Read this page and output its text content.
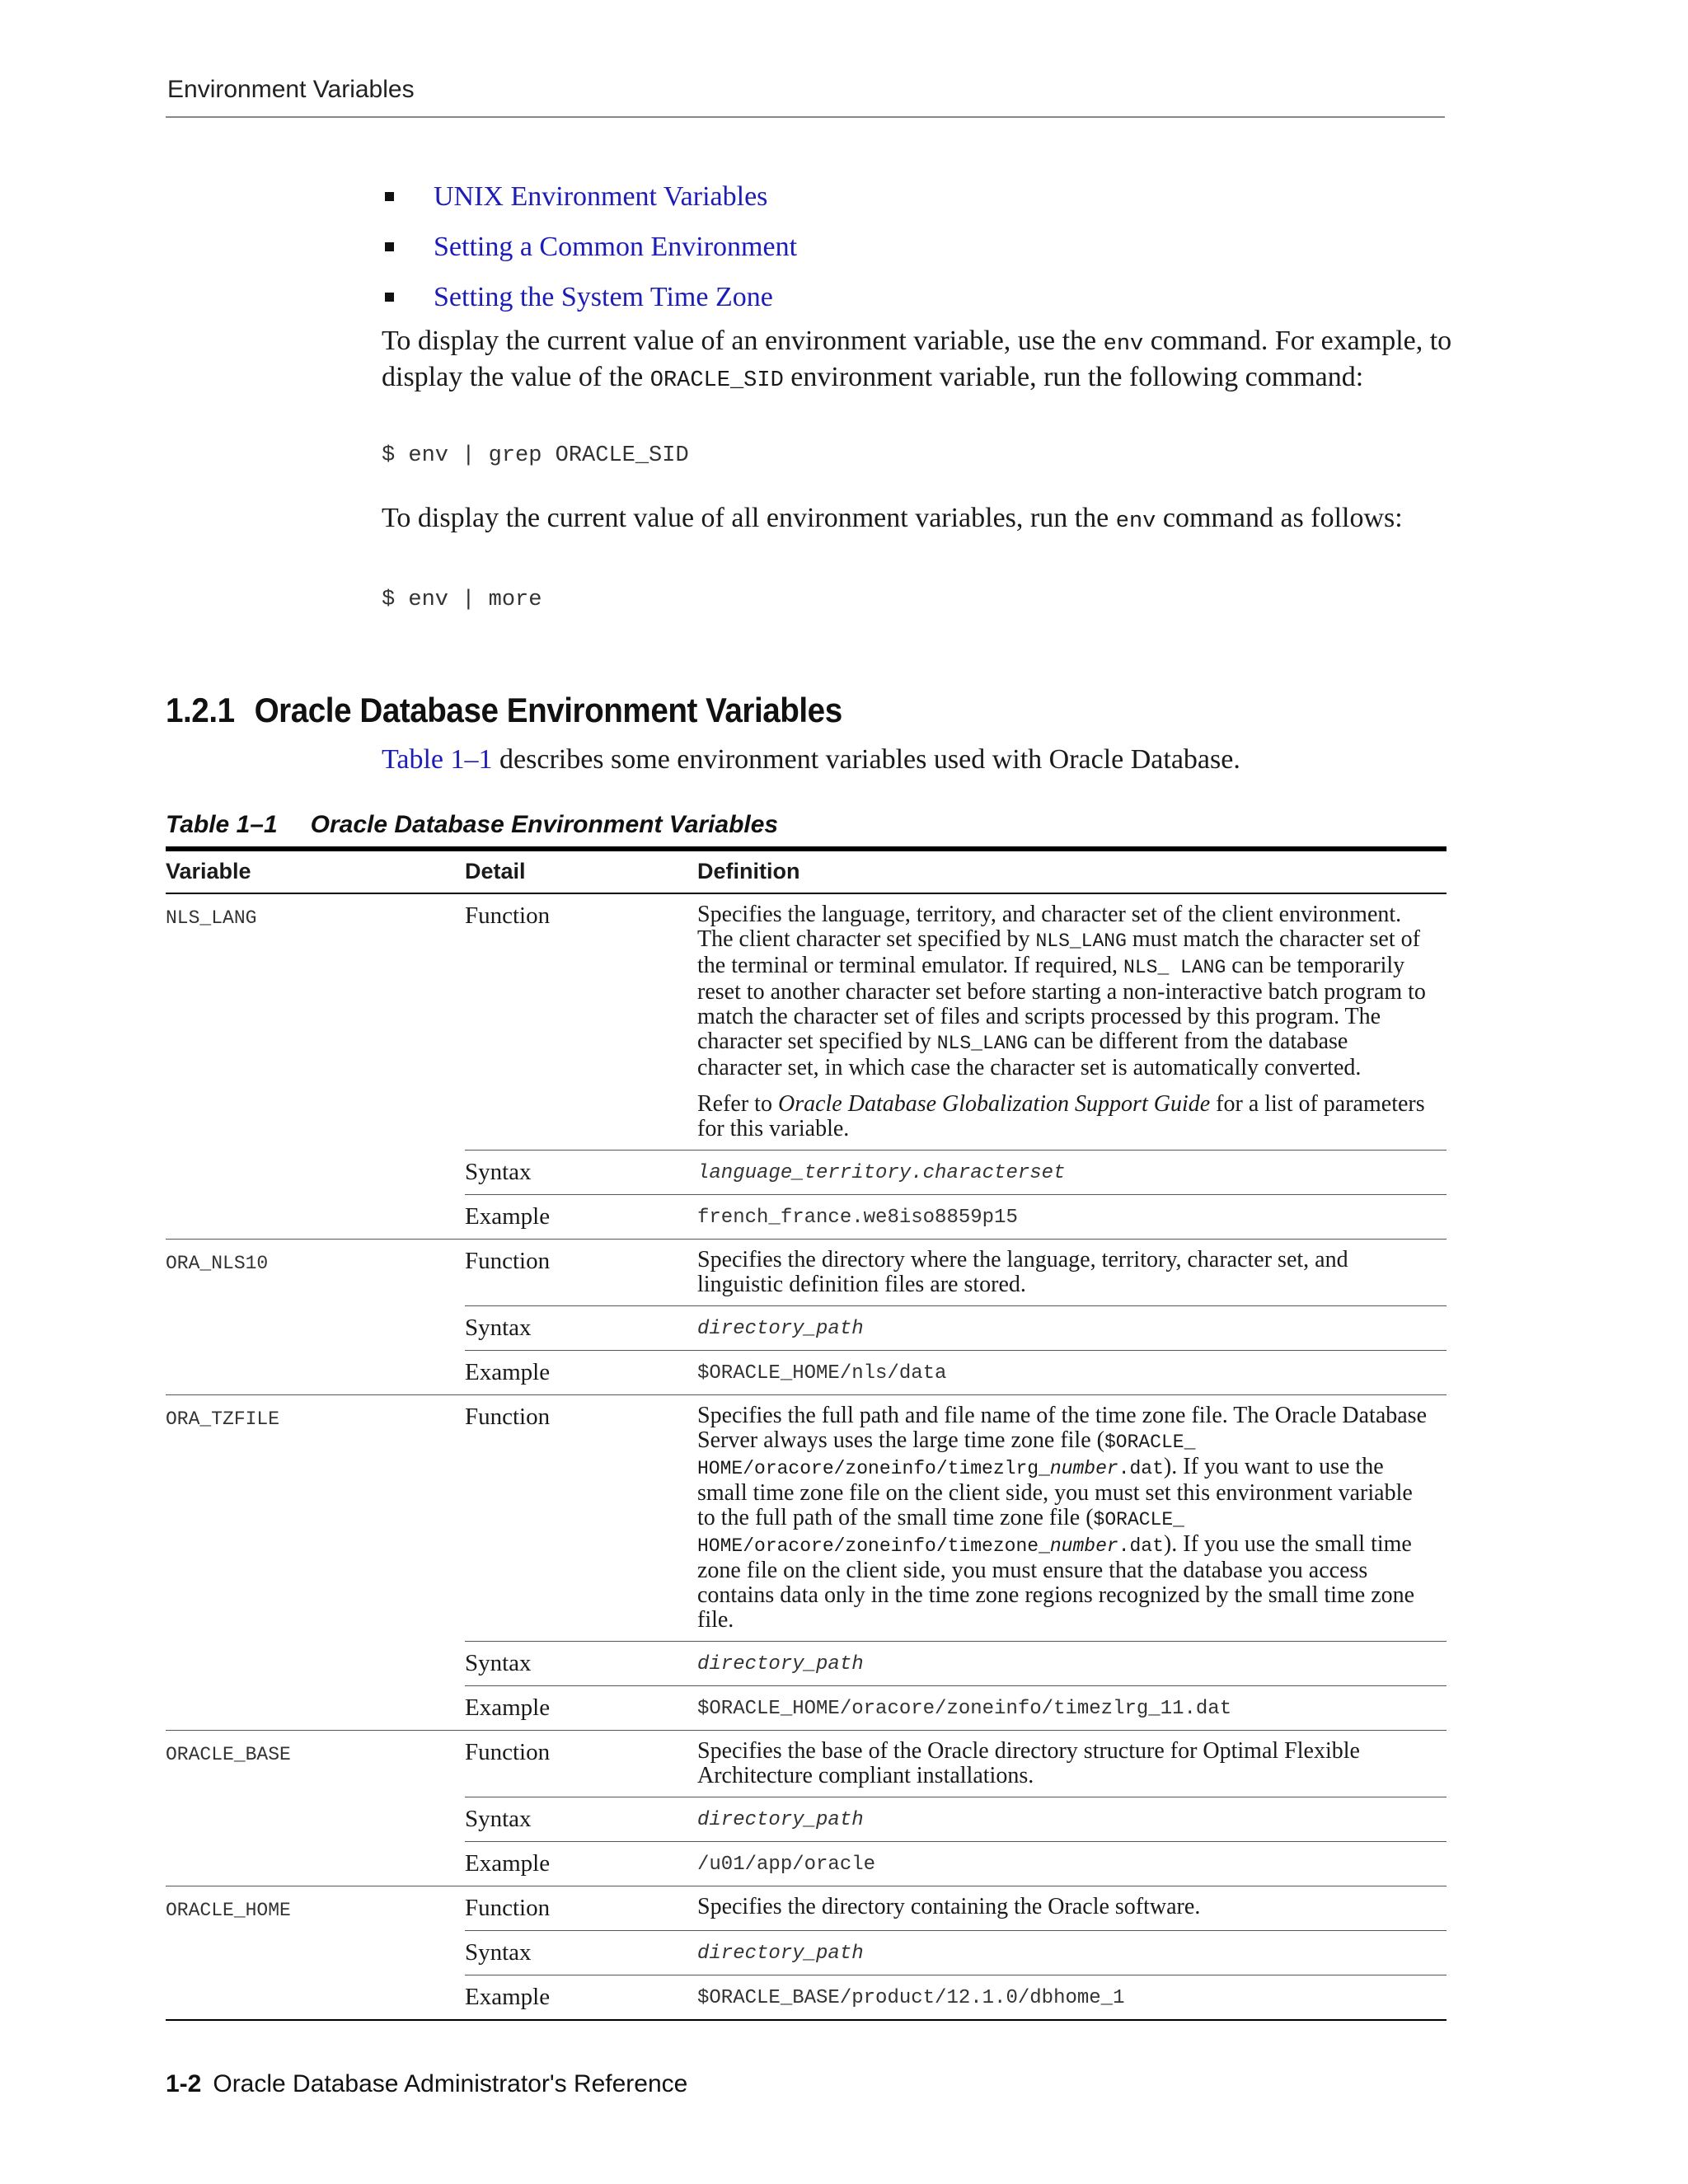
Environment Variables
UNIX Environment Variables
Setting a Common Environment
Setting the System Time Zone

To display the current value of an environment variable, use the env command. For example, to display the value of the ORACLE_SID environment variable, run the following command:

$ env | grep ORACLE_SID

To display the current value of all environment variables, run the env command as follows:

$ env | more
1.2.1 Oracle Database Environment Variables

Table 1–1 describes some environment variables used with Oracle Database.

Table 1–1 Oracle Database Environment Variables
Variable	Detail	Definition
NLS_LANG	Function	Specifies the language, territory, and character set of the client environment. The client character set specified by NLS_LANG must match the character set of the terminal or terminal emulator. If required, NLS_ LANG can be temporarily reset to another character set before starting a non-interactive batch program to match the character set of files and scripts processed by this program. The character set specified by NLS_LANG can be different from the database character set, in which case the character set is automatically converted.

Refer to Oracle Database Globalization Support Guide for a list of parameters for this variable.

	Syntax	language_territory.characterset
	Example	french_france.we8iso8859p15
ORA_NLS10	Function	Specifies the directory where the language, territory, character set, and linguistic definition files are stored.
	Syntax	directory_path
	Example	$ORACLE_HOME/nls/data
ORA_TZFILE	Function	Specifies the full path and file name of the time zone file. The Oracle Database Server always uses the large time zone file ($ORACLE_ HOME/oracore/zoneinfo/timezlrg_number.dat). If you want to use the small time zone file on the client side, you must set this environment variable to the full path of the small time zone file ($ORACLE_ HOME/oracore/zoneinfo/timezone_number.dat). If you use the small time zone file on the client side, you must ensure that the database you access contains data only in the time zone regions recognized by the small time zone file.

	Syntax	directory_path
	Example	$ORACLE_HOME/oracore/zoneinfo/timezlrg_11.dat
ORACLE_BASE	Function	Specifies the base of the Oracle directory structure for Optimal Flexible Architecture compliant installations.
	Syntax	directory_path
	Example	/u01/app/oracle
ORACLE_HOME	Function	Specifies the directory containing the Oracle software.
	Syntax	directory_path
	Example	$ORACLE_BASE/product/12.1.0/dbhome_1
1-2 Oracle Database Administrator's Reference
